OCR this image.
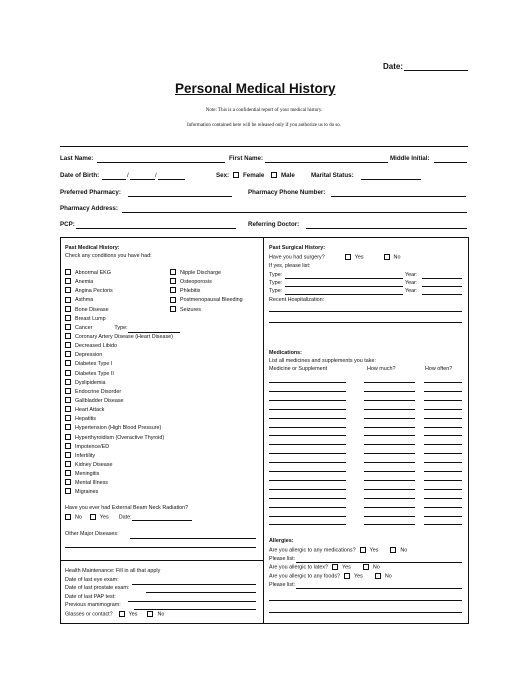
Date:
Personal Medical History
Note: This is a confidential report of your medical history.
Information contained here will be released only if you authorize us to do so.
Last Name:	First Name:	Middle Initial:
Date of Birth:	/	/	Sex:	Female	Male	Marital Status:
Preferred Pharmacy:	Pharmacy Phone Number:
Pharmacy Address:
PCP:	Referring Doctor:
Past Medical History:
Check any conditions you have had:
Abnormal EKG
Anemia
Angina Pectoris
Asthma
Bone Disease
Breast Lump
Cancer	Type:
Coronary Artery Disease (Heart Disease)
Decreased Libido
Depression
Diabetes Type I
Diabetes Type II
Dyslipidemia
Endocrine Disorder
Gallbladder Disease
Heart Attack
Hepatitis
Hypertension (High Blood Pressure)
Hyperthyroidism (Overactive Thyroid)
Impotence/ED
Infertility
Kidney Disease
Meningitis
Mental Illness
Migraines
Nipple Discharge
Osteoporosis
Phlebitis
Postmenopausal Bleeding
Seizures
Have you ever had External Beam Neck Radiation?
No	Yes Date:
Other Major Diseases:
Health Maintenance: Fill in all that apply
Date of last eye exam:
Date of last prostate exam:
Date of last PAP test:
Previous mammogram:
Glasses or contact?	Yes	No
Past Surgical History:
Have you had surgery?	Yes	No
If yes, please list:
Type:	Year:
Type:	Year:
Type:	Year:
Recent Hospitalization:
Medications:
List all medicines and supplements you take:
Medicine or Supplement	How much?	How often?
Allergies:
Are you allergic to any medications?	Yes	No
Please list:
Are you allergic to latex?	Yes	No
Are you allergic to any foods?	Yes	No
Please list:
